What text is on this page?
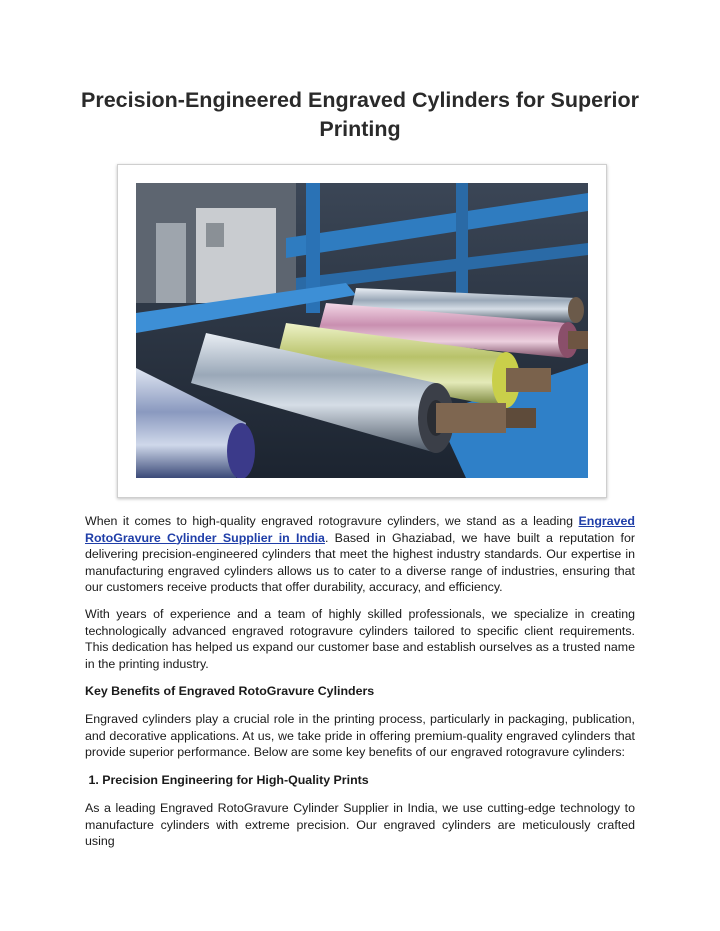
Precision-Engineered Engraved Cylinders for Superior Printing

When it comes to high-quality engraved rotogravure cylinders, we stand as a leading Engraved RotoGravure Cylinder Supplier in India. Based in Ghaziabad, we have built a reputation for delivering precision-engineered cylinders that meet the highest industry standards. Our expertise in manufacturing engraved cylinders allows us to cater to a diverse range of industries, ensuring that our customers receive products that offer durability, accuracy, and efficiency.

With years of experience and a team of highly skilled professionals, we specialize in creating technologically advanced engraved rotogravure cylinders tailored to specific client requirements. This dedication has helped us expand our customer base and establish ourselves as a trusted name in the printing industry.

Key Benefits of Engraved RotoGravure Cylinders

Engraved cylinders play a crucial role in the printing process, particularly in packaging, publication, and decorative applications. At us, we take pride in offering premium-quality engraved cylinders that provide superior performance. Below are some key benefits of our engraved rotogravure cylinders:

1. Precision Engineering for High-Quality Prints

As a leading Engraved RotoGravure Cylinder Supplier in India, we use cutting-edge technology to manufacture cylinders with extreme precision. Our engraved cylinders are meticulously crafted using
